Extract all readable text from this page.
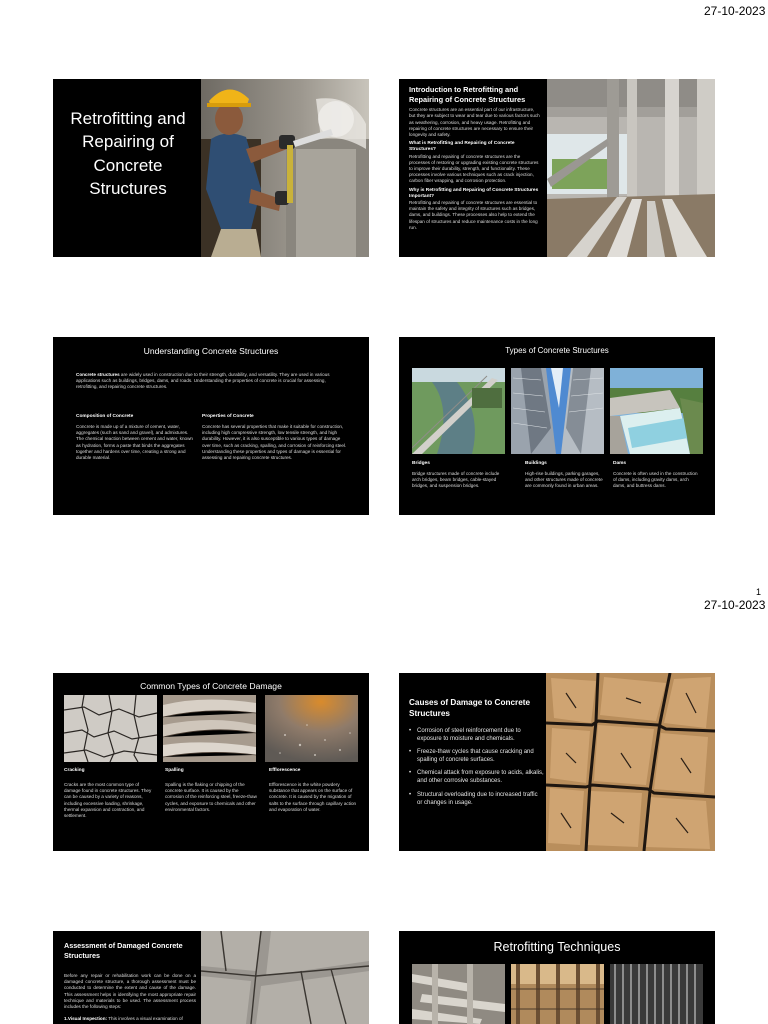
27-10-2023
1
27-10-2023
Retrofitting and Repairing of Concrete Structures
Introduction to Retrofitting and Repairing of Concrete Structures

Concrete structures are an essential part of our infrastructure, but they are subject to wear and tear due to various factors such as weathering, corrosion, and heavy usage. Retrofitting and repairing of concrete structures are necessary to ensure their longevity and safety.

What is Retrofitting and Repairing of Concrete Structures?

Retrofitting and repairing of concrete structures are the processes of restoring or upgrading existing concrete structures to improve their durability, strength, and functionality. These processes involve various techniques such as crack injection, carbon fiber wrapping, and corrosion protection.

Why is Retrofitting and Repairing of Concrete Structures Important?

Retrofitting and repairing of concrete structures are essential to maintain the safety and integrity of structures such as bridges, dams, and buildings. These processes also help to extend the lifespan of structures and reduce maintenance costs in the long run.

Understanding Concrete Structures

Concrete structures are widely used in construction due to their strength, durability, and versatility. They are used in various applications such as buildings, bridges, dams, and roads. Understanding the properties of concrete is crucial for assessing, retrofitting, and repairing concrete structures.

Composition of Concrete

Concrete is made up of a mixture of cement, water, aggregates (such as sand and gravel), and admixtures. The chemical reaction between cement and water, known as hydration, forms a paste that binds the aggregates together and hardens over time, creating a strong and durable material.

Properties of Concrete

Concrete has several properties that make it suitable for construction, including high compressive strength, low tensile strength, and high durability. However, it is also susceptible to various types of damage over time, such as cracking, spalling, and corrosion of reinforcing steel. Understanding these properties and types of damage is essential for assessing and repairing concrete structures.

Types of Concrete Structures
Bridges

Bridge structures made of concrete include arch bridges, beam bridges, cable-stayed bridges, and suspension bridges.

Buildings

High-rise buildings, parking garages, and other structures made of concrete are commonly found in urban areas.

Dams

Concrete is often used in the construction of dams, including gravity dams, arch dams, and buttress dams.

Common Types of Concrete Damage
Cracking

Cracks are the most common type of damage found in concrete structures. They can be caused by a variety of reasons, including excessive loading, shrinkage, thermal expansion and contraction, and settlement.

Spalling

Spalling is the flaking or chipping of the concrete surface. It is caused by the corrosion of the reinforcing steel, freeze-thaw cycles, and exposure to chemicals and other environmental factors.

Efflorescence

Efflorescence is the white powdery substance that appears on the surface of concrete. It is caused by the migration of salts to the surface through capillary action and evaporation of water.

Causes of Damage to Concrete Structures
• Corrosion of steel reinforcement due to exposure to moisture and chemicals.
• Freeze-thaw cycles that cause cracking and spalling of concrete surfaces.
• Chemical attack from exposure to acids, alkalis, and other corrosive substances.
• Structural overloading due to increased traffic or changes in usage.
Assessment of Damaged Concrete Structures

Before any repair or rehabilitation work can be done on a damaged concrete structure, a thorough assessment must be conducted to determine the extent and cause of the damage. This assessment helps in identifying the most appropriate repair technique and materials to be used. The assessment process includes the following steps:

1.Visual Inspection: This involves a visual examination of

Retrofitting Techniques
